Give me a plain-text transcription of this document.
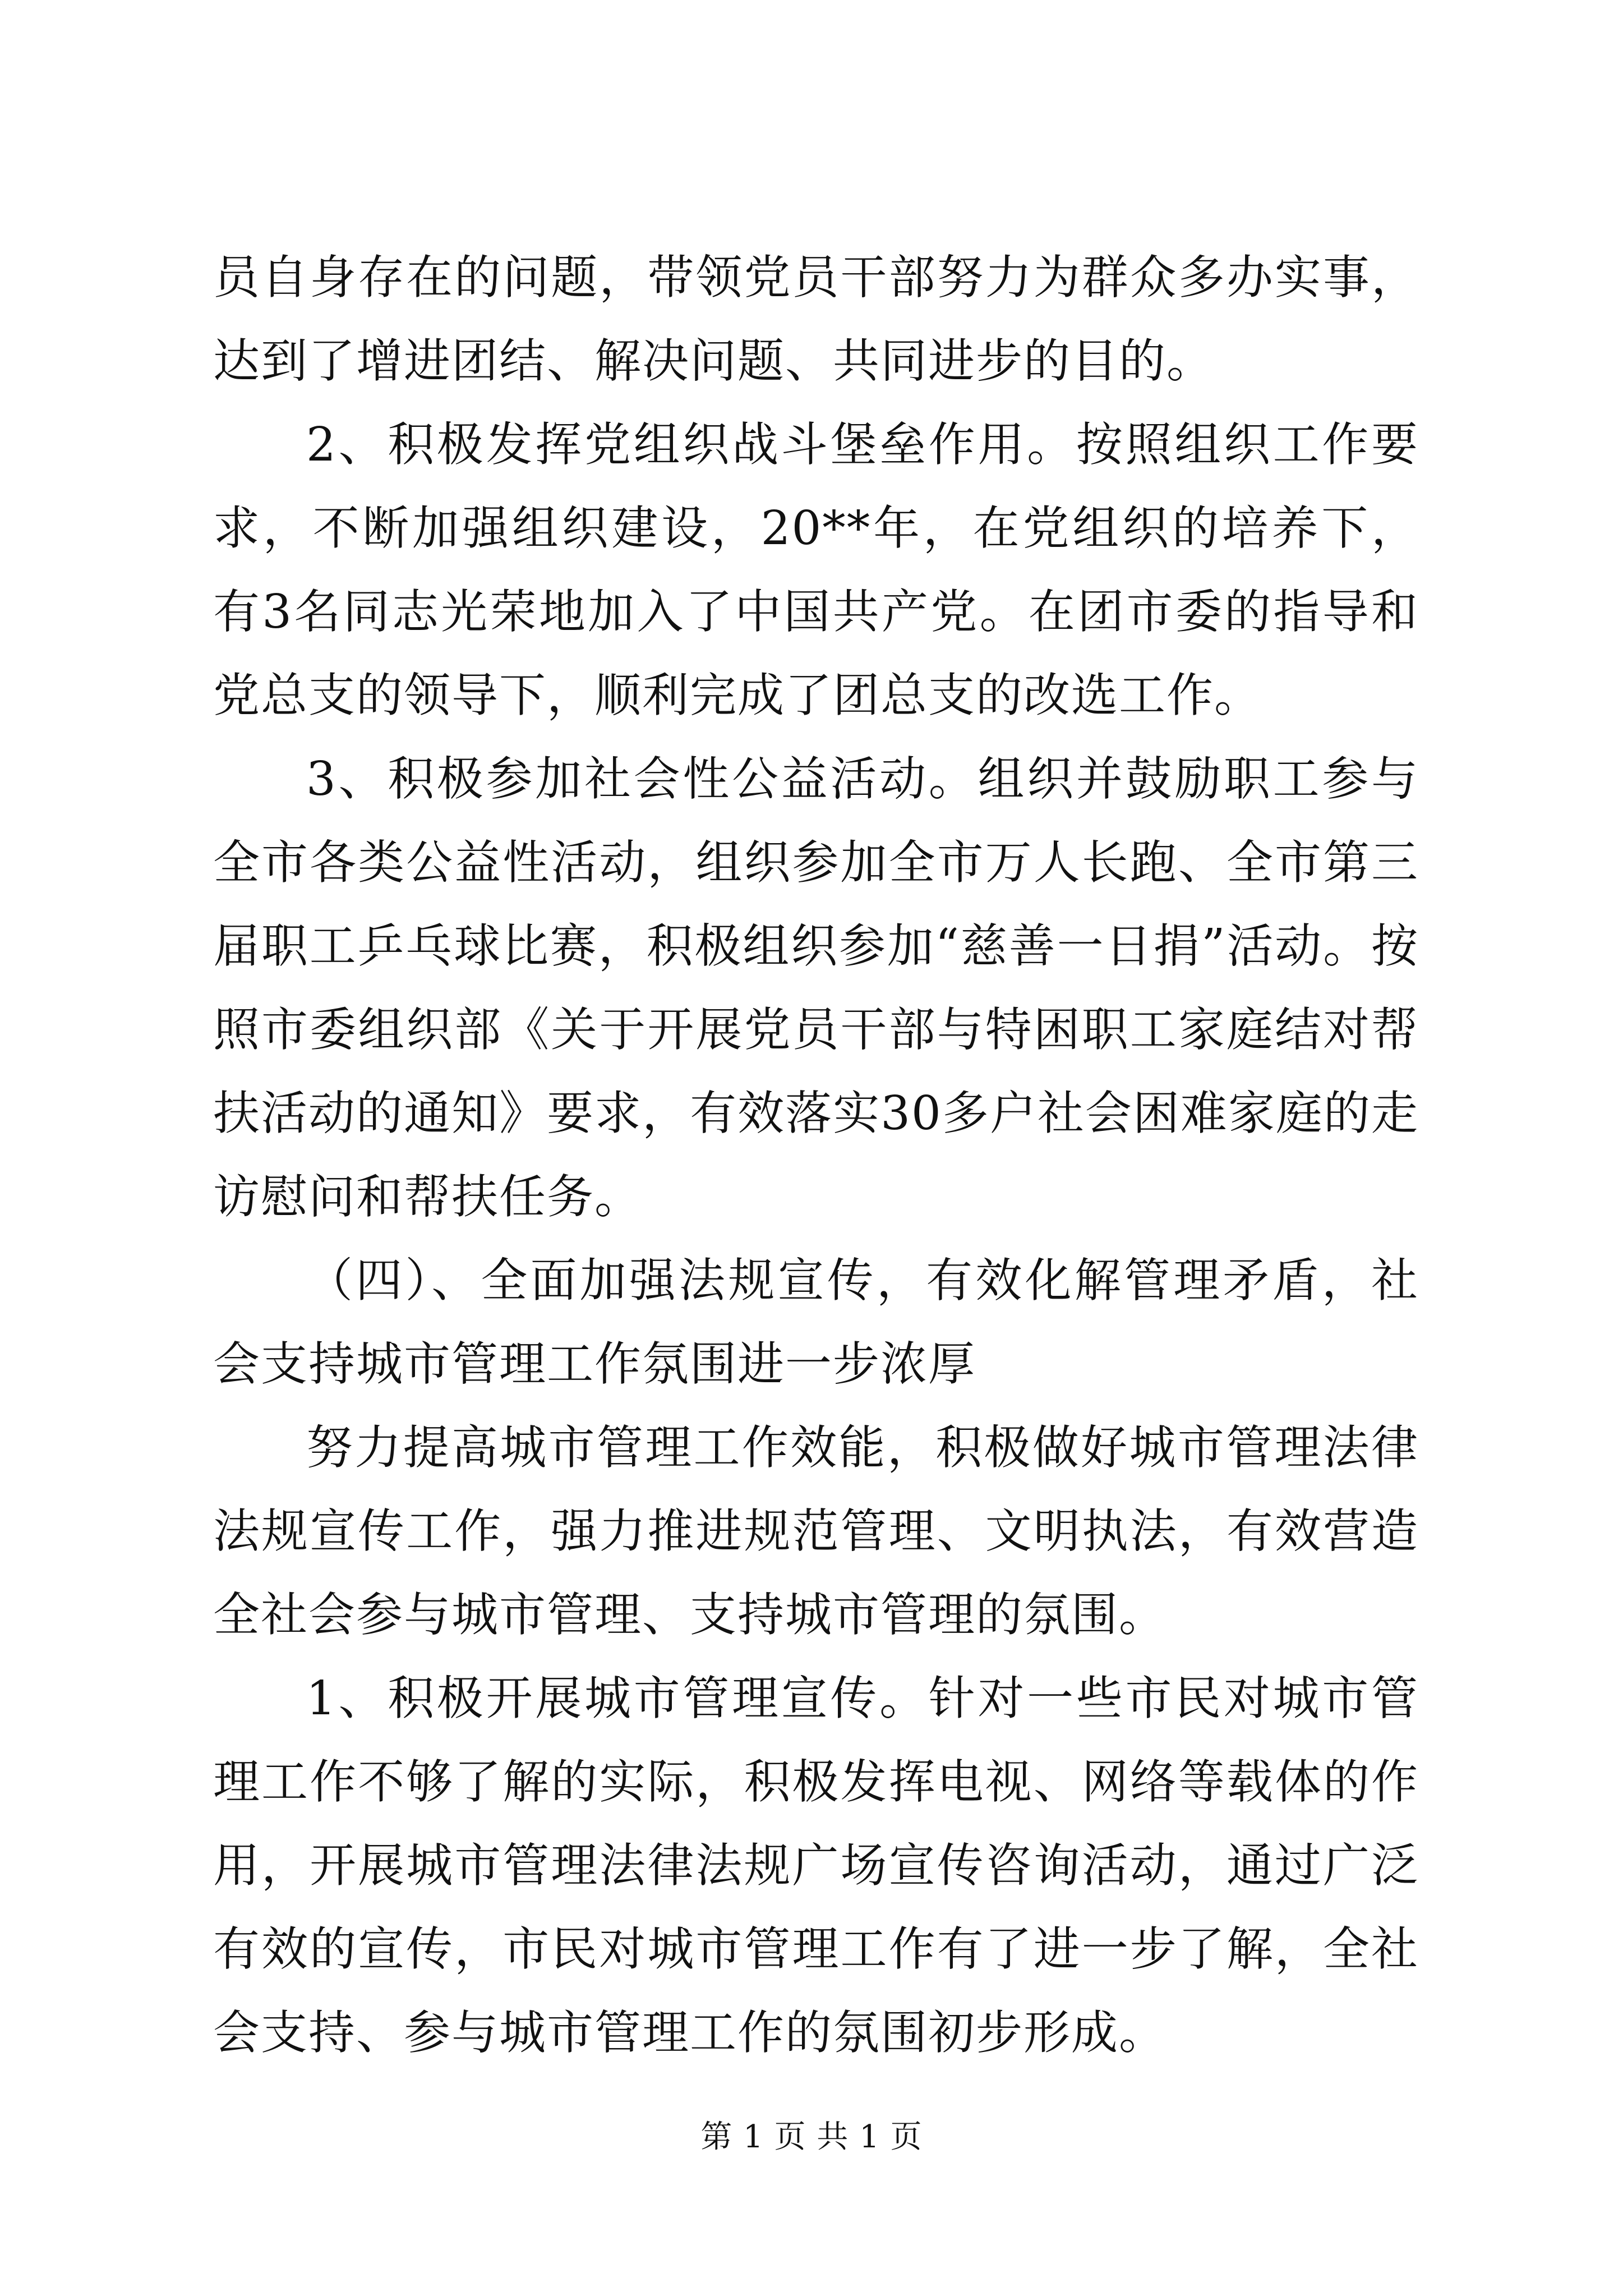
员自身存在的问题，带领党员干部努力为群众多办实事，达到了增进团结、解决问题、共同进步的目的。

2、积极发挥党组织战斗堡垒作用。按照组织工作要求，不断加强组织建设，20**年，在党组织的培养下，有3名同志光荣地加入了中国共产党。在团市委的指导和党总支的领导下，顺利完成了团总支的改选工作。

3、积极参加社会性公益活动。组织并鼓励职工参与全市各类公益性活动，组织参加全市万人长跑、全市第三届职工乒乓球比赛，积极组织参加“慈善一日捐”活动。按照市委组织部《关于开展党员干部与特困职工家庭结对帮扶活动的通知》要求，有效落实30多户社会困难家庭的走访慰问和帮扶任务。

（四）、全面加强法规宣传，有效化解管理矛盾，社会支持城市管理工作氛围进一步浓厚

努力提高城市管理工作效能，积极做好城市管理法律法规宣传工作，强力推进规范管理、文明执法，有效营造全社会参与城市管理、支持城市管理的氛围。

1、积极开展城市管理宣传。针对一些市民对城市管理工作不够了解的实际，积极发挥电视、网络等载体的作用，开展城市管理法律法规广场宣传咨询活动，通过广泛有效的宣传，市民对城市管理工作有了进一步了解，全社会支持、参与城市管理工作的氛围初步形成。

第 1 页 共 1 页
